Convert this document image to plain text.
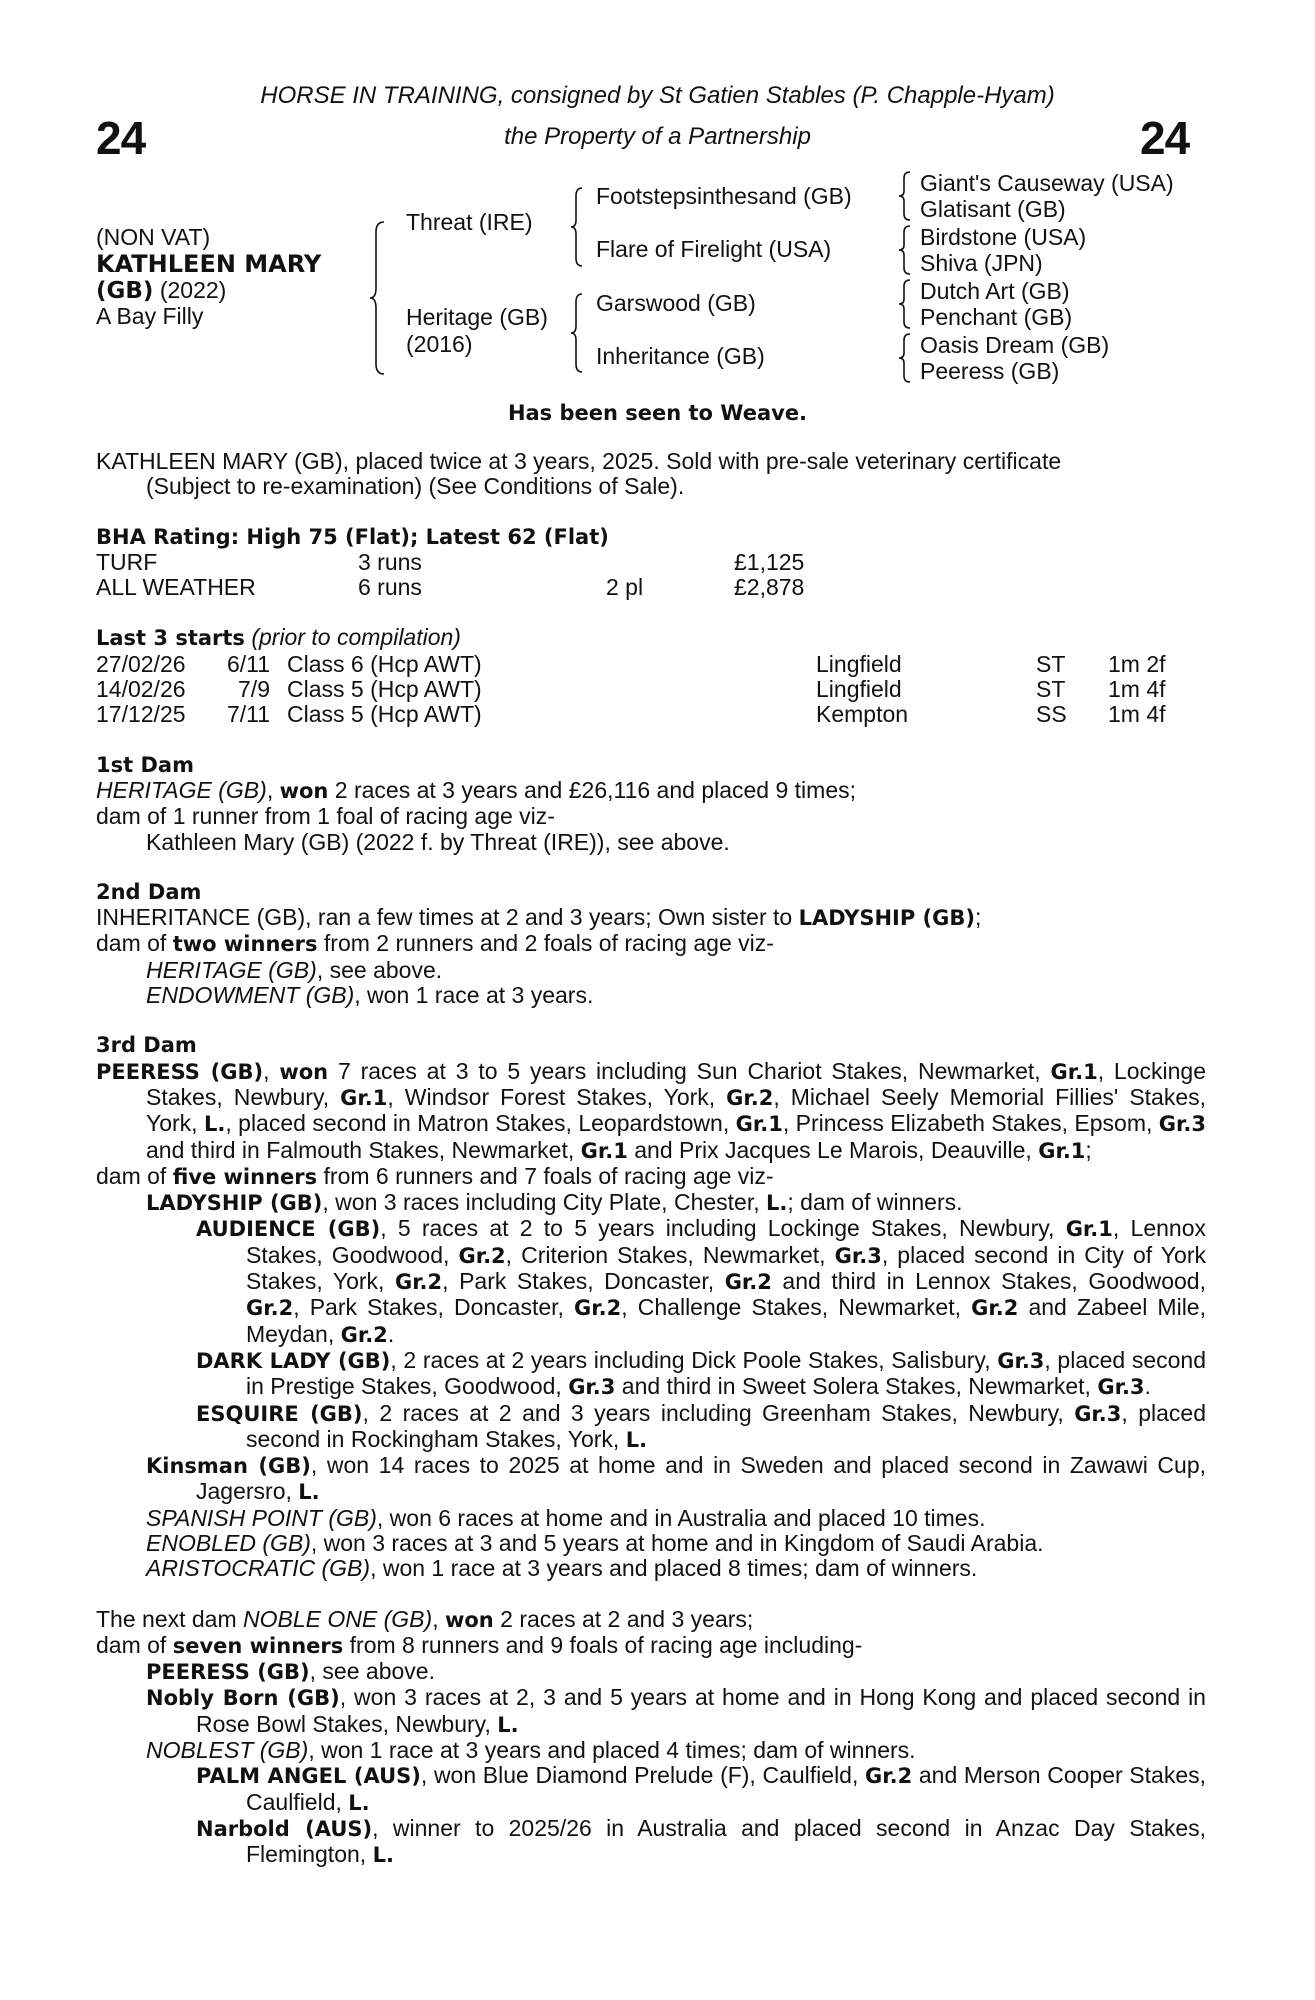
24	24
HORSE IN TRAINING, consigned by St Gatien Stables (P. Chapple-Hyam)
the Property of a Partnership
(NON VAT)
KATHLEEN MARY
(GB) (2022)
A Bay Filly
Threat (IRE)
Heritage (GB)
(2016)
Footstepsinthesand (GB)
Flare of Firelight (USA)
Garswood (GB)
Inheritance (GB)
Giant's Causeway (USA)
Glatisant (GB)
Birdstone (USA)
Shiva (JPN)
Dutch Art (GB)
Penchant (GB)
Oasis Dream (GB)
Peeress (GB)
Has been seen to Weave.
KATHLEEN MARY (GB), placed twice at 3 years, 2025. Sold with pre-sale veterinary certificate
(Subject to re-examination) (See Conditions of Sale).
BHA Rating: High 75 (Flat); Latest 62 (Flat)
TURF	3 runs	£1,125
ALL WEATHER	6 runs	2 pl	£2,878
Last 3 starts (prior to compilation)
27/02/26 6/11 Class 6 (Hcp AWT)	Lingfield	ST 1m 2f
14/02/26 7/9 Class 5 (Hcp AWT)	Lingfield	ST 1m 4f
17/12/25 7/11 Class 5 (Hcp AWT)	Kempton	SS 1m 4f
1st Dam
HERITAGE (GB), won 2 races at 3 years and £26,116 and placed 9 times;
dam of 1 runner from 1 foal of racing age viz-
Kathleen Mary (GB) (2022 f. by Threat (IRE)), see above.
2nd Dam
INHERITANCE (GB), ran a few times at 2 and 3 years; Own sister to LADYSHIP (GB);
dam of two winners from 2 runners and 2 foals of racing age viz-
HERITAGE (GB), see above.
ENDOWMENT (GB), won 1 race at 3 years.
3rd Dam
PEERESS (GB), won 7 races at 3 to 5 years including Sun Chariot Stakes, Newmarket, Gr.1, Lockinge Stakes, Newbury, Gr.1, Windsor Forest Stakes, York, Gr.2, Michael Seely Memorial Fillies' Stakes, York, L., placed second in Matron Stakes, Leopardstown, Gr.1, Princess Elizabeth Stakes, Epsom, Gr.3 and third in Falmouth Stakes, Newmarket, Gr.1 and Prix Jacques Le Marois, Deauville, Gr.1;
dam of five winners from 6 runners and 7 foals of racing age viz-
LADYSHIP (GB), won 3 races including City Plate, Chester, L.; dam of winners.
AUDIENCE (GB), 5 races at 2 to 5 years including Lockinge Stakes, Newbury, Gr.1, Lennox Stakes, Goodwood, Gr.2, Criterion Stakes, Newmarket, Gr.3, placed second in City of York Stakes, York, Gr.2, Park Stakes, Doncaster, Gr.2 and third in Lennox Stakes, Goodwood, Gr.2, Park Stakes, Doncaster, Gr.2, Challenge Stakes, Newmarket, Gr.2 and Zabeel Mile, Meydan, Gr.2.
DARK LADY (GB), 2 races at 2 years including Dick Poole Stakes, Salisbury, Gr.3, placed second in Prestige Stakes, Goodwood, Gr.3 and third in Sweet Solera Stakes, Newmarket, Gr.3.
ESQUIRE (GB), 2 races at 2 and 3 years including Greenham Stakes, Newbury, Gr.3, placed second in Rockingham Stakes, York, L.
Kinsman (GB), won 14 races to 2025 at home and in Sweden and placed second in Zawawi Cup, Jagersro, L.
SPANISH POINT (GB), won 6 races at home and in Australia and placed 10 times.
ENOBLED (GB), won 3 races at 3 and 5 years at home and in Kingdom of Saudi Arabia.
ARISTOCRATIC (GB), won 1 race at 3 years and placed 8 times; dam of winners.
The next dam NOBLE ONE (GB), won 2 races at 2 and 3 years;
dam of seven winners from 8 runners and 9 foals of racing age including-
PEERESS (GB), see above.
Nobly Born (GB), won 3 races at 2, 3 and 5 years at home and in Hong Kong and placed second in Rose Bowl Stakes, Newbury, L.
NOBLEST (GB), won 1 race at 3 years and placed 4 times; dam of winners.
PALM ANGEL (AUS), won Blue Diamond Prelude (F), Caulfield, Gr.2 and Merson Cooper Stakes, Caulfield, L.
Narbold (AUS), winner to 2025/26 in Australia and placed second in Anzac Day Stakes, Flemington, L.
